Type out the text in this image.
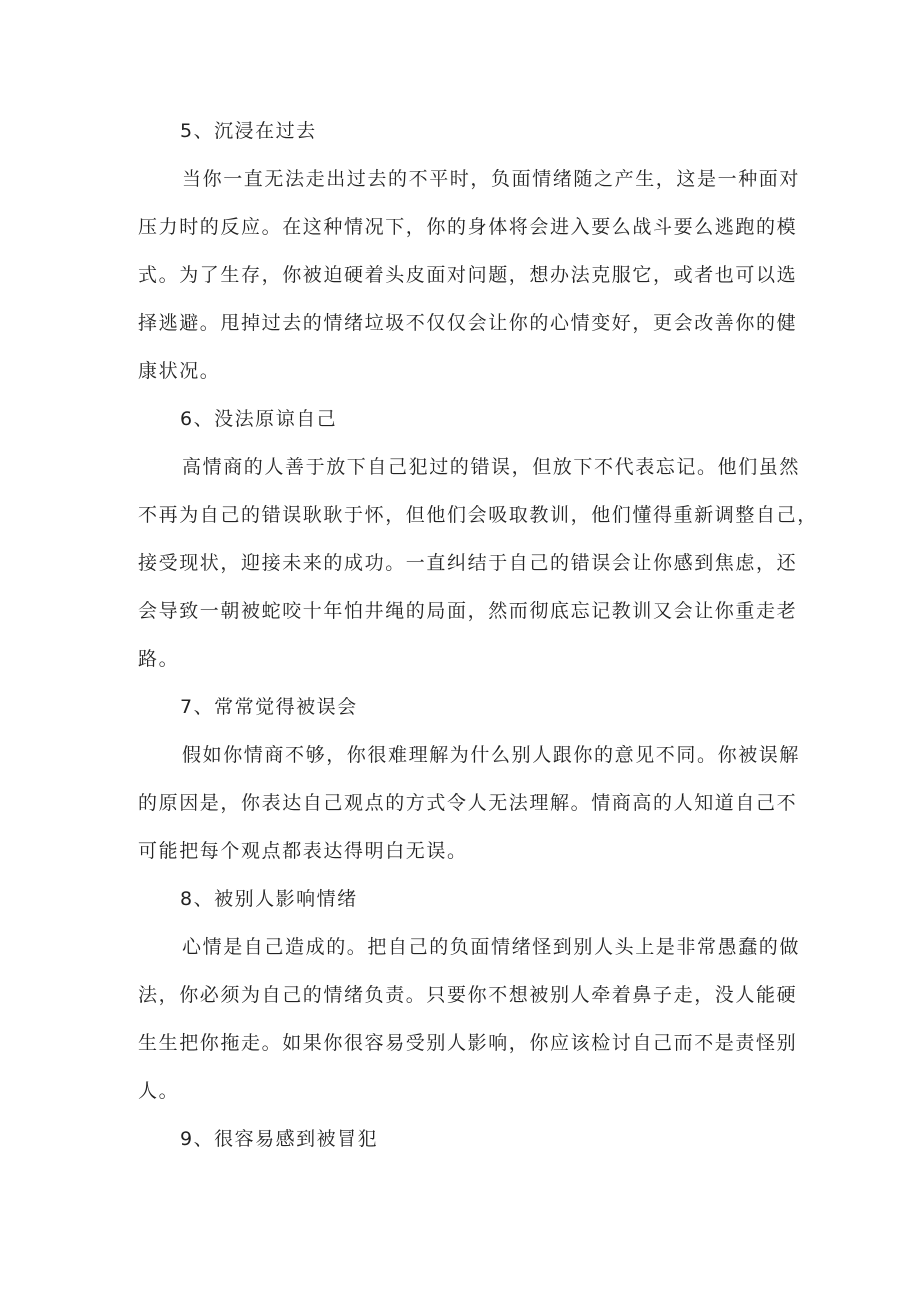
5、沉浸在过去
当你一直无法走出过去的不平时，负面情绪随之产生，这是一种面对
压力时的反应。在这种情况下，你的身体将会进入要么战斗要么逃跑的模
式。为了生存，你被迫硬着头皮面对问题，想办法克服它，或者也可以选
择逃避。甩掉过去的情绪垃圾不仅仅会让你的心情变好，更会改善你的健
康状况。
6、没法原谅自己
高情商的人善于放下自己犯过的错误，但放下不代表忘记。他们虽然
不再为自己的错误耿耿于怀，但他们会吸取教训，他们懂得重新调整自己，
接受现状，迎接未来的成功。一直纠结于自己的错误会让你感到焦虑，还
会导致一朝被蛇咬十年怕井绳的局面，然而彻底忘记教训又会让你重走老
路。
7、常常觉得被误会
假如你情商不够，你很难理解为什么别人跟你的意见不同。你被误解
的原因是，你表达自己观点的方式令人无法理解。情商高的人知道自己不
可能把每个观点都表达得明白无误。
8、被别人影响情绪
心情是自己造成的。把自己的负面情绪怪到别人头上是非常愚蠢的做
法，你必须为自己的情绪负责。只要你不想被别人牵着鼻子走，没人能硬
生生把你拖走。如果你很容易受别人影响，你应该检讨自己而不是责怪别
人。
9、很容易感到被冒犯
